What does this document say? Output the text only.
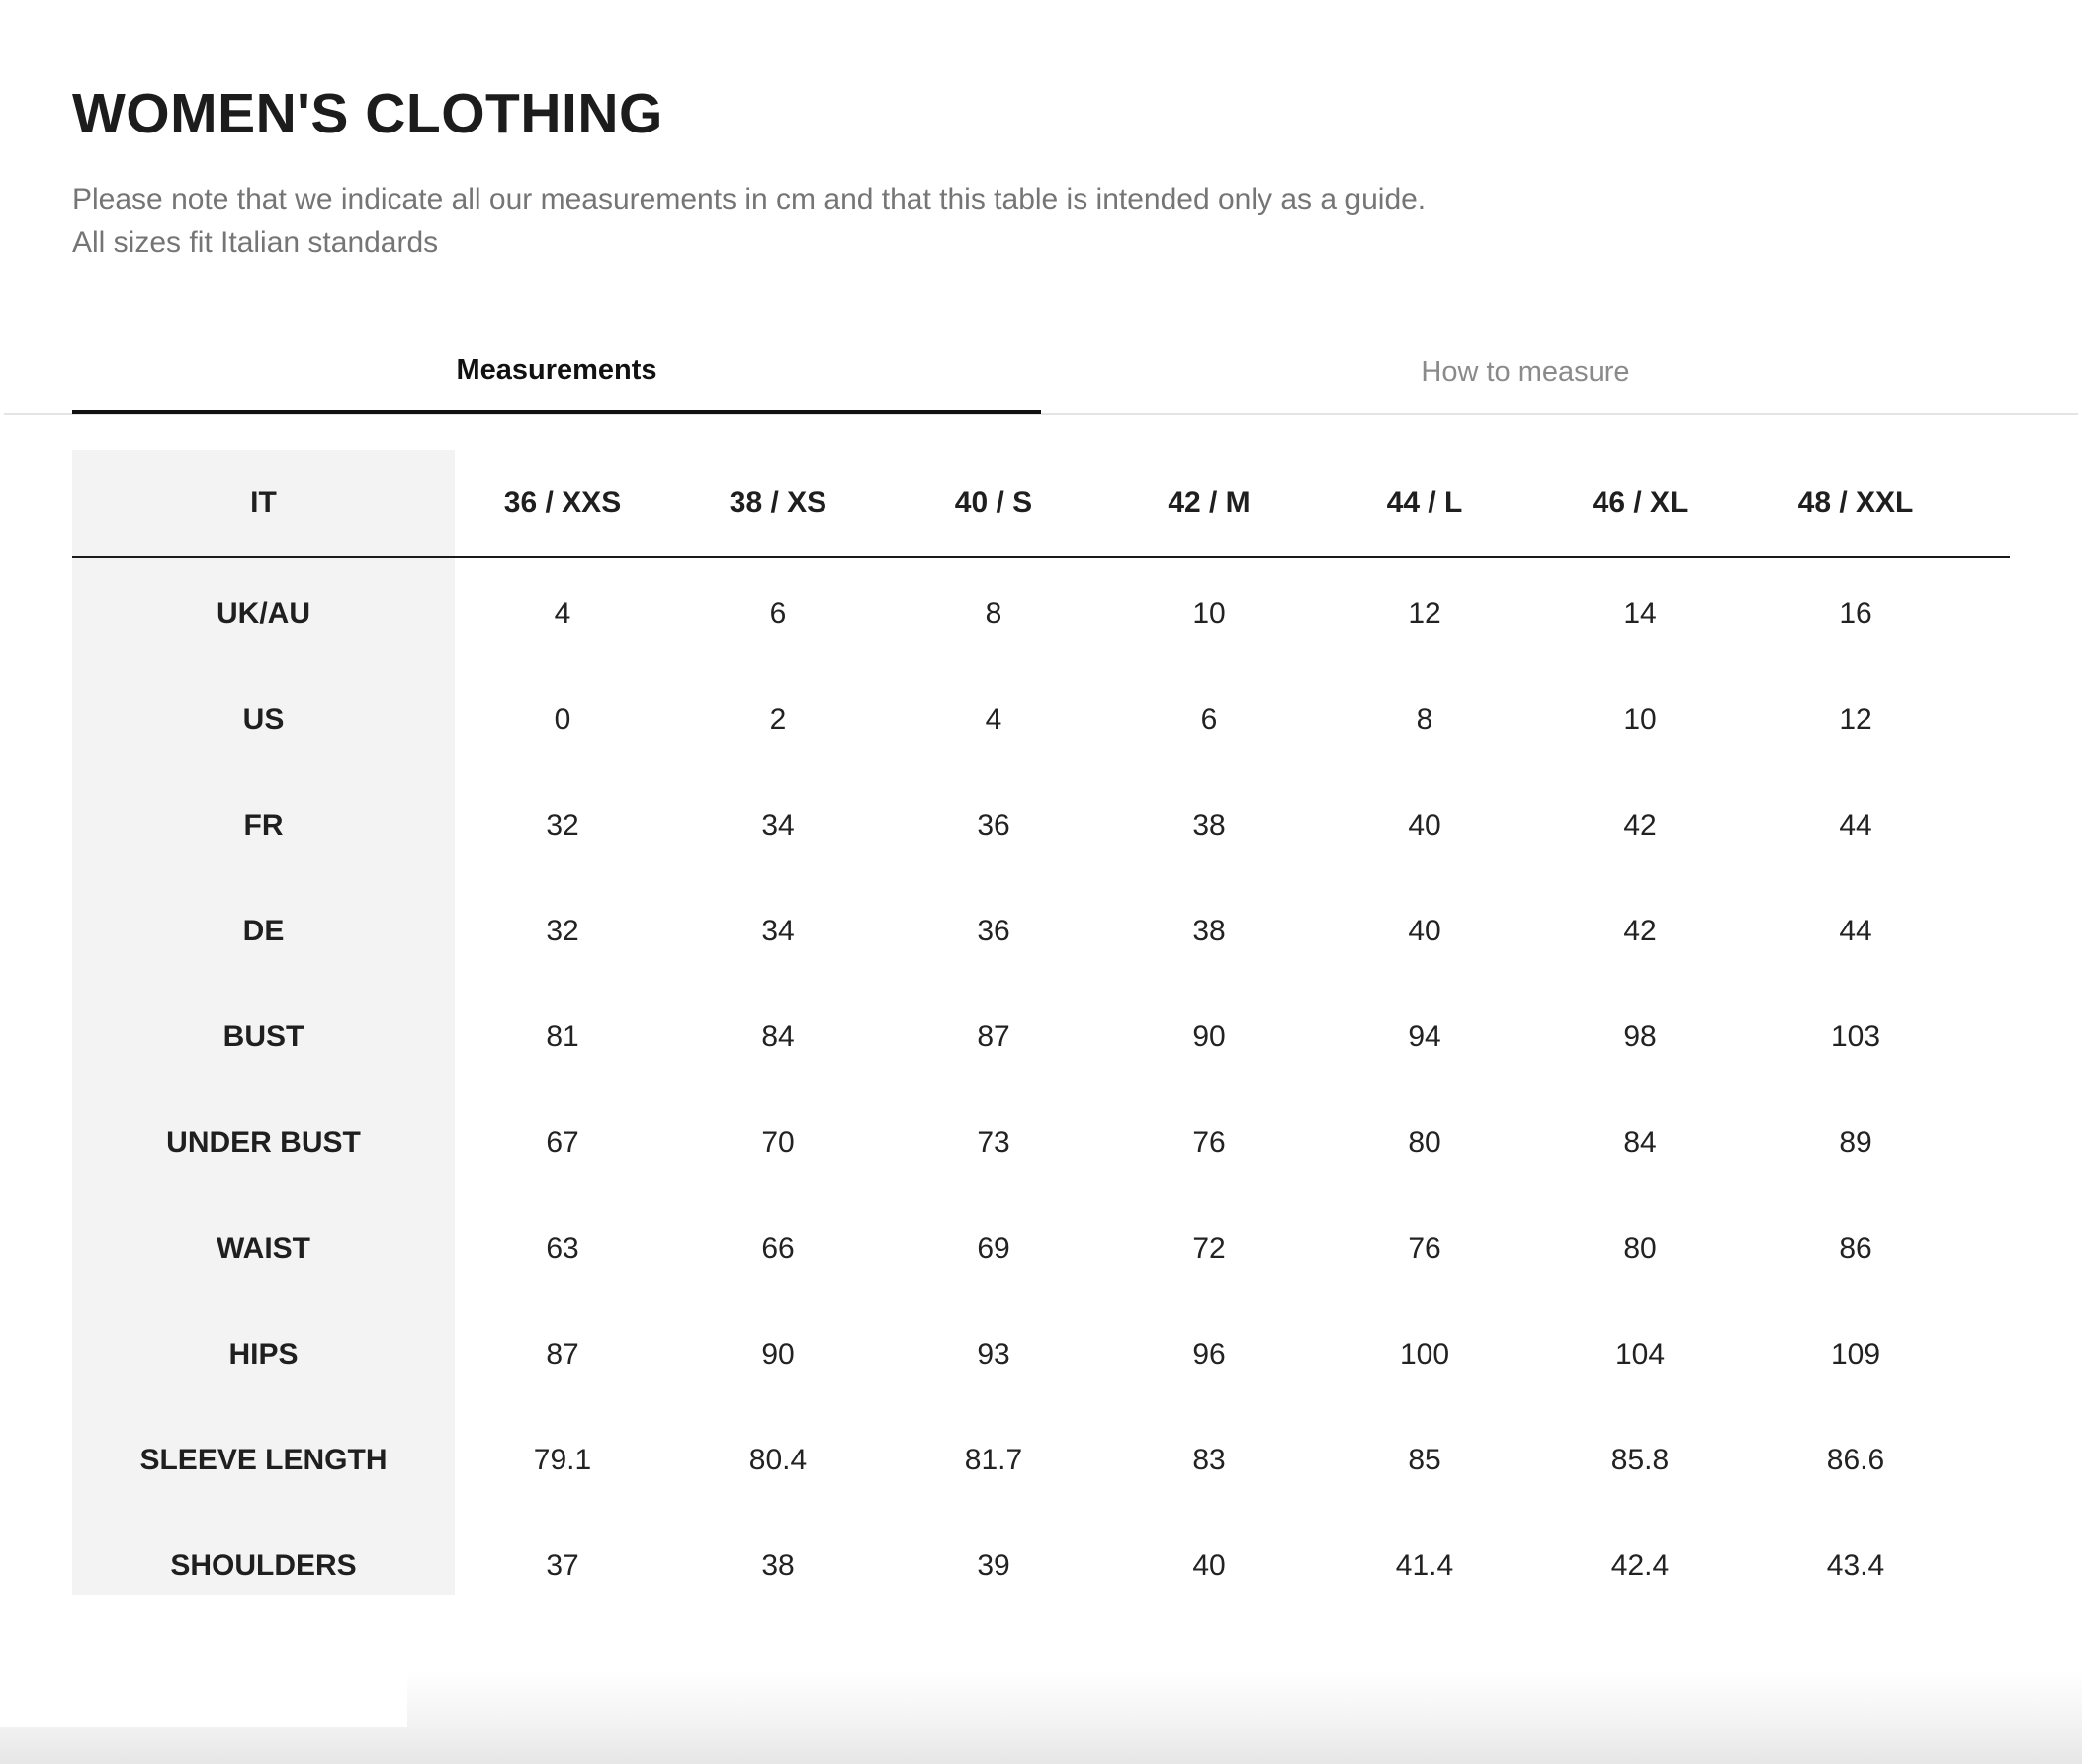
WOMEN'S CLOTHING
Please note that we indicate all our measurements in cm and that this table is intended only as a guide.
All sizes fit Italian standards
Measurements	How to measure
IT	36 / XXS	38 / XS	40 / S	42 / M	44 / L	46 / XL	48 / XXL
UK/AU	4	6	8	10	12	14	16
US	0	2	4	6	8	10	12
FR	32	34	36	38	40	42	44
DE	32	34	36	38	40	42	44
BUST	81	84	87	90	94	98	103
UNDER BUST	67	70	73	76	80	84	89
WAIST	63	66	69	72	76	80	86
HIPS	87	90	93	96	100	104	109
SLEEVE LENGTH	79.1	80.4	81.7	83	85	85.8	86.6
SHOULDERS	37	38	39	40	41.4	42.4	43.4
